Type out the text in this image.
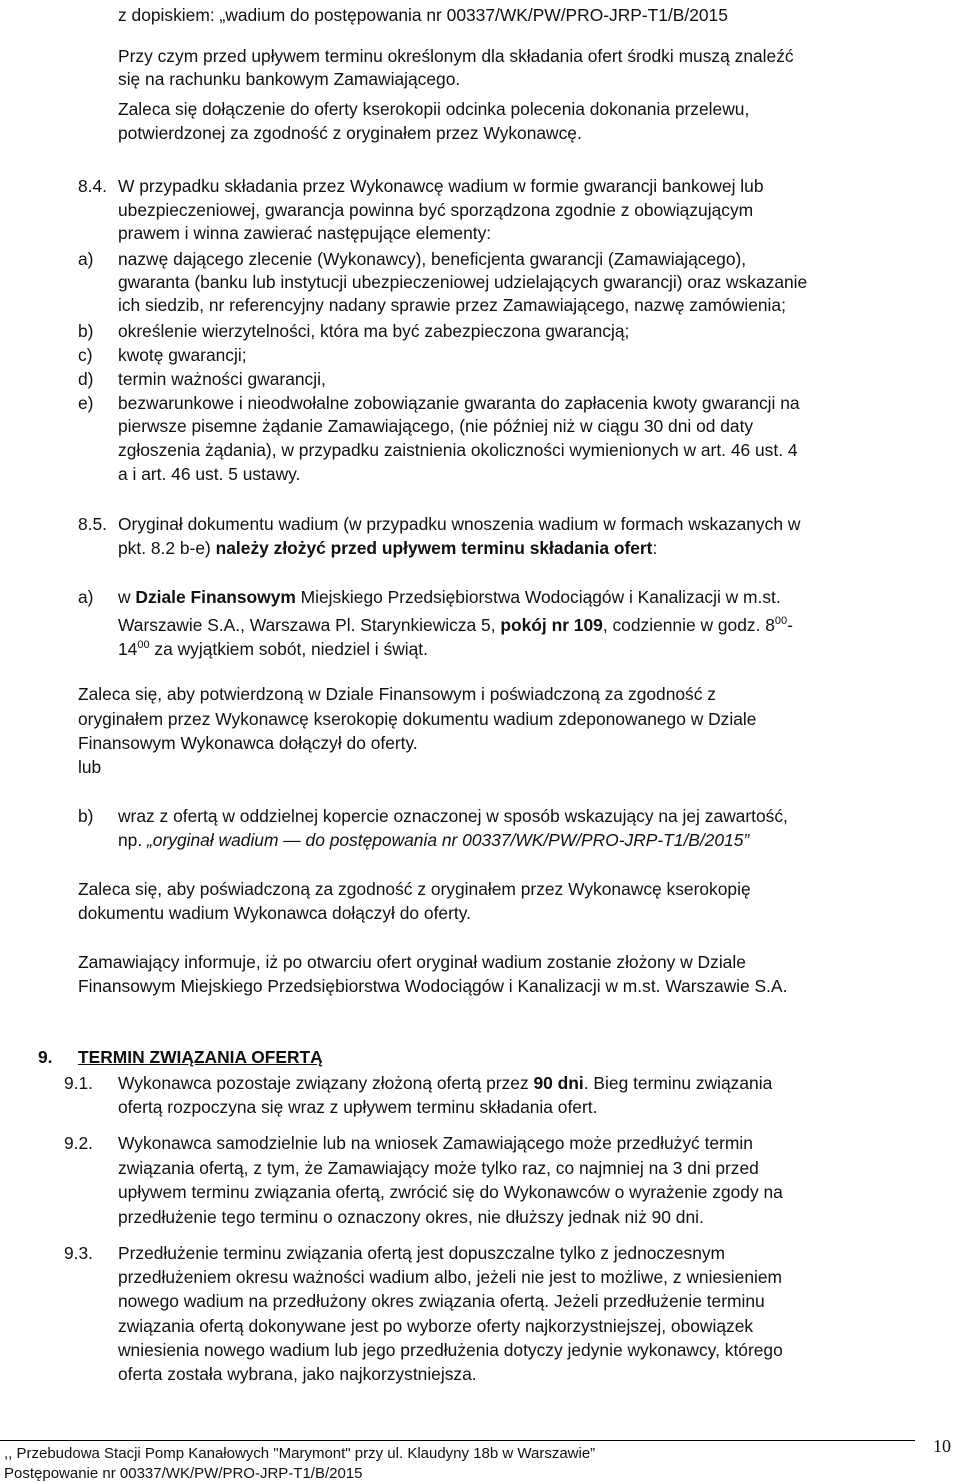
z dopiskiem: „wadium do postępowania nr 00337/WK/PW/PRO-JRP-T1/B/2015
Przy czym przed upływem terminu określonym dla składania ofert środki muszą znaleźć
się na rachunku bankowym Zamawiającego.
Zaleca się dołączenie do oferty kserokopii odcinka polecenia dokonania przelewu,
potwierdzonej za zgodność z oryginałem przez Wykonawcę.
8.4. W przypadku składania przez Wykonawcę wadium w formie gwarancji bankowej lub
ubezpieczeniowej, gwarancja powinna być sporządzona zgodnie z obowiązującym
prawem i winna zawierać następujące elementy:
a) nazwę dającego zlecenie (Wykonawcy), beneficjenta gwarancji (Zamawiającego),
gwaranta (banku lub instytucji ubezpieczeniowej udzielających gwarancji) oraz wskazanie
ich siedzib, nr referencyjny nadany sprawie przez Zamawiającego, nazwę zamówienia;
b) określenie wierzytelności, która ma być zabezpieczona gwarancją;
c) kwotę gwarancji;
d) termin ważności gwarancji,
e) bezwarunkowe i nieodwołalne zobowiązanie gwaranta do zapłacenia kwoty gwarancji na
pierwsze pisemne żądanie Zamawiającego, (nie później niż w ciągu 30 dni od daty
zgłoszenia żądania), w przypadku zaistnienia okoliczności wymienionych w art. 46 ust. 4
a i art. 46 ust. 5 ustawy.
8.5. Oryginał dokumentu wadium (w przypadku wnoszenia wadium w formach wskazanych w
pkt. 8.2 b-e) należy złożyć przed upływem terminu składania ofert:
a) w Dziale Finansowym Miejskiego Przedsiębiorstwa Wodociągów i Kanalizacji w m.st.
Warszawie S.A., Warszawa Pl. Starynkiewicza 5, pokój nr 109, codziennie w godz. $8^{00}-$
$14^{00}$ za wyjątkiem sobót, niedziel i świąt.
Zaleca się, aby potwierdzoną w Dziale Finansowym i poświadczoną za zgodność z
oryginałem przez Wykonawcę kserokopię dokumentu wadium zdeponowanego w Dziale
Finansowym Wykonawca dołączył do oferty.
lub
b) wraz z ofertą w oddzielnej kopercie oznaczonej w sposób wskazujący na jej zawartość,
np. „oryginał wadium — do postępowania nr 00337/WK/PW/PRO-JRP-T1/B/2015”
Zaleca się, aby poświadczoną za zgodność z oryginałem przez Wykonawcę kserokopię
dokumentu wadium Wykonawca dołączył do oferty.
Zamawiający informuje, iż po otwarciu ofert oryginał wadium zostanie złożony w Dziale
Finansowym Miejskiego Przedsiębiorstwa Wodociągów i Kanalizacji w m.st. Warszawie S.A.
9. TERMIN ZWIĄZANIA OFERTĄ
9.1. Wykonawca pozostaje związany złożoną ofertą przez 90 dni. Bieg terminu związania
ofertą rozpoczyna się wraz z upływem terminu składania ofert.
9.2. Wykonawca samodzielnie lub na wniosek Zamawiającego może przedłużyć termin
związania ofertą, z tym, że Zamawiający może tylko raz, co najmniej na 3 dni przed
upływem terminu związania ofertą, zwrócić się do Wykonawców o wyrażenie zgody na
przedłużenie tego terminu o oznaczony okres, nie dłuższy jednak niż 90 dni.
9.3. Przedłużenie terminu związania ofertą jest dopuszczalne tylko z jednoczesnym
przedłużeniem okresu ważności wadium albo, jeżeli nie jest to możliwe, z wniesieniem
nowego wadium na przedłużony okres związania ofertą. Jeżeli przedłużenie terminu
związania ofertą dokonywane jest po wyborze oferty najkorzystniejszej, obowiązek
wniesienia nowego wadium lub jego przedłużenia dotyczy jedynie wykonawcy, którego
oferta została wybrana, jako najkorzystniejsza.
,, Przebudowa Stacji Pomp Kanałowych "Marymont" przy ul. Klaudyny 18b w Warszawie”
Postępowanie nr 00337/WK/PW/PRO-JRP-T1/B/2015
10
